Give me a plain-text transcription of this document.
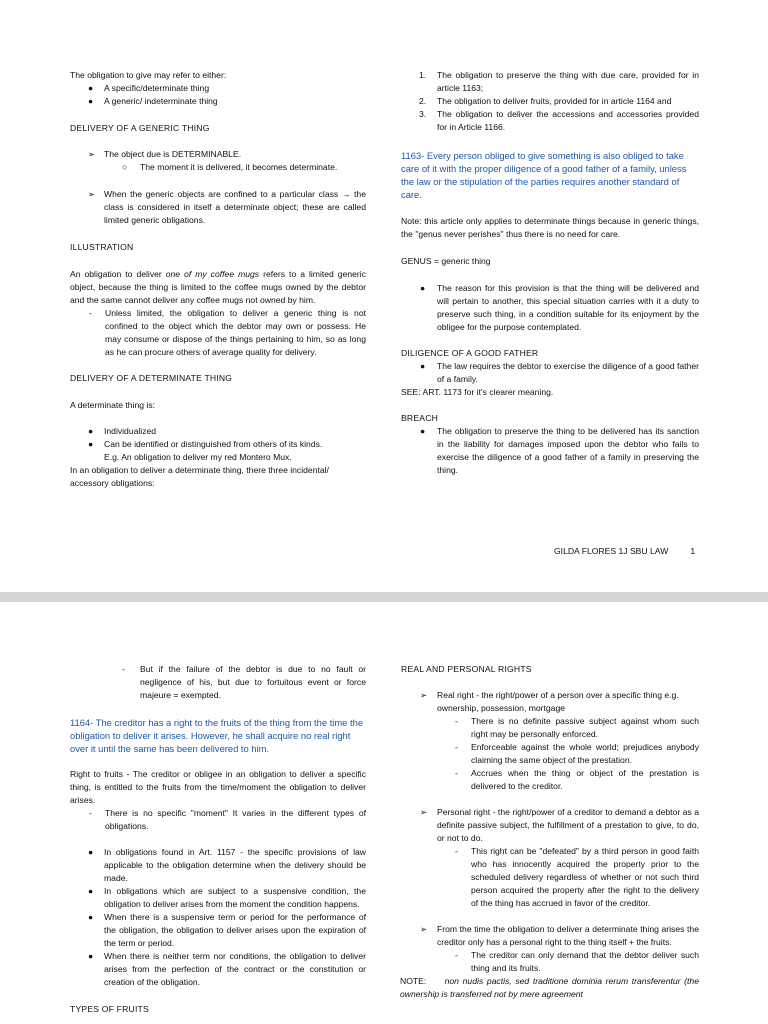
The obligation to give may refer to either:

● A specific/determinate thing
● A generic/ indeterminate thing

DELIVERY OF A GENERIC THING

➢ The object due is DETERMINABLE.
○ The moment it is delivered, it becomes determinate.
➢ When the generic objects are confined to a particular class → the class is considered in itself a determinate object; these are called limited generic obligations.

ILLUSTRATION

An obligation to deliver one of my coffee mugs refers to a limited generic object, because the thing is limited to the coffee mugs owned by the debtor and the same cannot deliver any coffee mugs not owned by him.

- Unless limited, the obligation to deliver a generic thing is not confined to the object which the debtor may own or possess. He may consume or dispose of the things pertaining to him, so as long as he can procure others of average quality for delivery.

DELIVERY OF A DETERMINATE THING

A determinate thing is:

● Individualized
● Can be identified or distinguished from others of its kinds.

E.g. An obligation to deliver my red Montero Mux.

In an obligation to deliver a determinate thing, there three incidental/ accessory obligations:

1. The obligation to preserve the thing with due care, provided for in article 1163;
2. The obligation to deliver fruits, provided for in article 1164 and
3. The obligation to deliver the accessions and accessories provided for in Article 1166.

1163- Every person obliged to give something is also obliged to take care of it with the proper diligence of a good father of a family, unless the law or the stipulation of the parties requires another standard of care.

Note: this article only applies to determinate things because in generic things, the "genus never perishes" thus there is no need for care.

GENUS = generic thing

● The reason for this provision is that the thing will be delivered and will pertain to another, this special situation carries with it a duty to preserve such thing, in a condition suitable for its enjoyment by the obligee for the purpose contemplated.

DILIGENCE OF A GOOD FATHER

● The law requires the debtor to exercise the diligence of a good father of a family.

SEE: ART. 1173 for it's clearer meaning.

BREACH

● The obligation to preserve the thing to be delivered has its sanction in the liability for damages imposed upon the debtor who fails to exercise the diligence of a good father of a family in preserving the thing.
GILDA FLORES 1J SBU LAW	1
- But if the failure of the debtor is due to no fault or negligence of his, but due to fortuitous event or force majeure = exempted.

1164- The creditor has a right to the fruits of the thing from the time the obligation to deliver it arises. However, he shall acquire no real right over it until the same has been delivered to him.

Right to fruits - The creditor or obligee in an obligation to deliver a specific thing, is entitled to the fruits from the time/moment the obligation to deliver arises.

- There is no specific "moment" It varies in the different types of obligations.
● In obligations found in Art. 1157 - the specific provisions of law applicable to the obligation determine when the delivery should be made.
● In obligations which are subject to a suspensive condition, the obligation to deliver arises from the moment the condition happens.
● When there is a suspensive term or period for the performance of the obligation, the obligation to deliver arises upon the expiration of the term or period.
● When there is neither term nor conditions, the obligation to deliver arises from the perfection of the contract or the constitution or creation of the obligation.

TYPES OF FRUITS

REAL AND PERSONAL RIGHTS

➢ Real right - the right/power of a person over a specific thing e.g. ownership, possession, mortgage
- There is no definite passive subject against whom such right may be personally enforced.
- Enforceable against the whole world; prejudices anybody claiming the same object of the prestation.
- Accrues when the thing or object of the prestation is delivered to the creditor.
➢ Personal right - the right/power of a creditor to demand a debtor as a definite passive subject, the fulfillment of a prestation to give, to do, or not to do.
- This right can be "defeated" by a third person in good faith who has innocently acquired the property prior to the scheduled delivery regardless of whether or not such third person acquired the property after the right to the delivery of the thing has accrued in favor of the creditor.
➢ From the time the obligation to deliver a determinate thing arises the creditor only has a personal right to the thing itself + the fruits.
- The creditor can only demand that the debtor deliver such thing and its fruits.

NOTE: non nudis pactis, sed traditione dominia rerum transferentur (the ownership is transferred not by mere agreement
